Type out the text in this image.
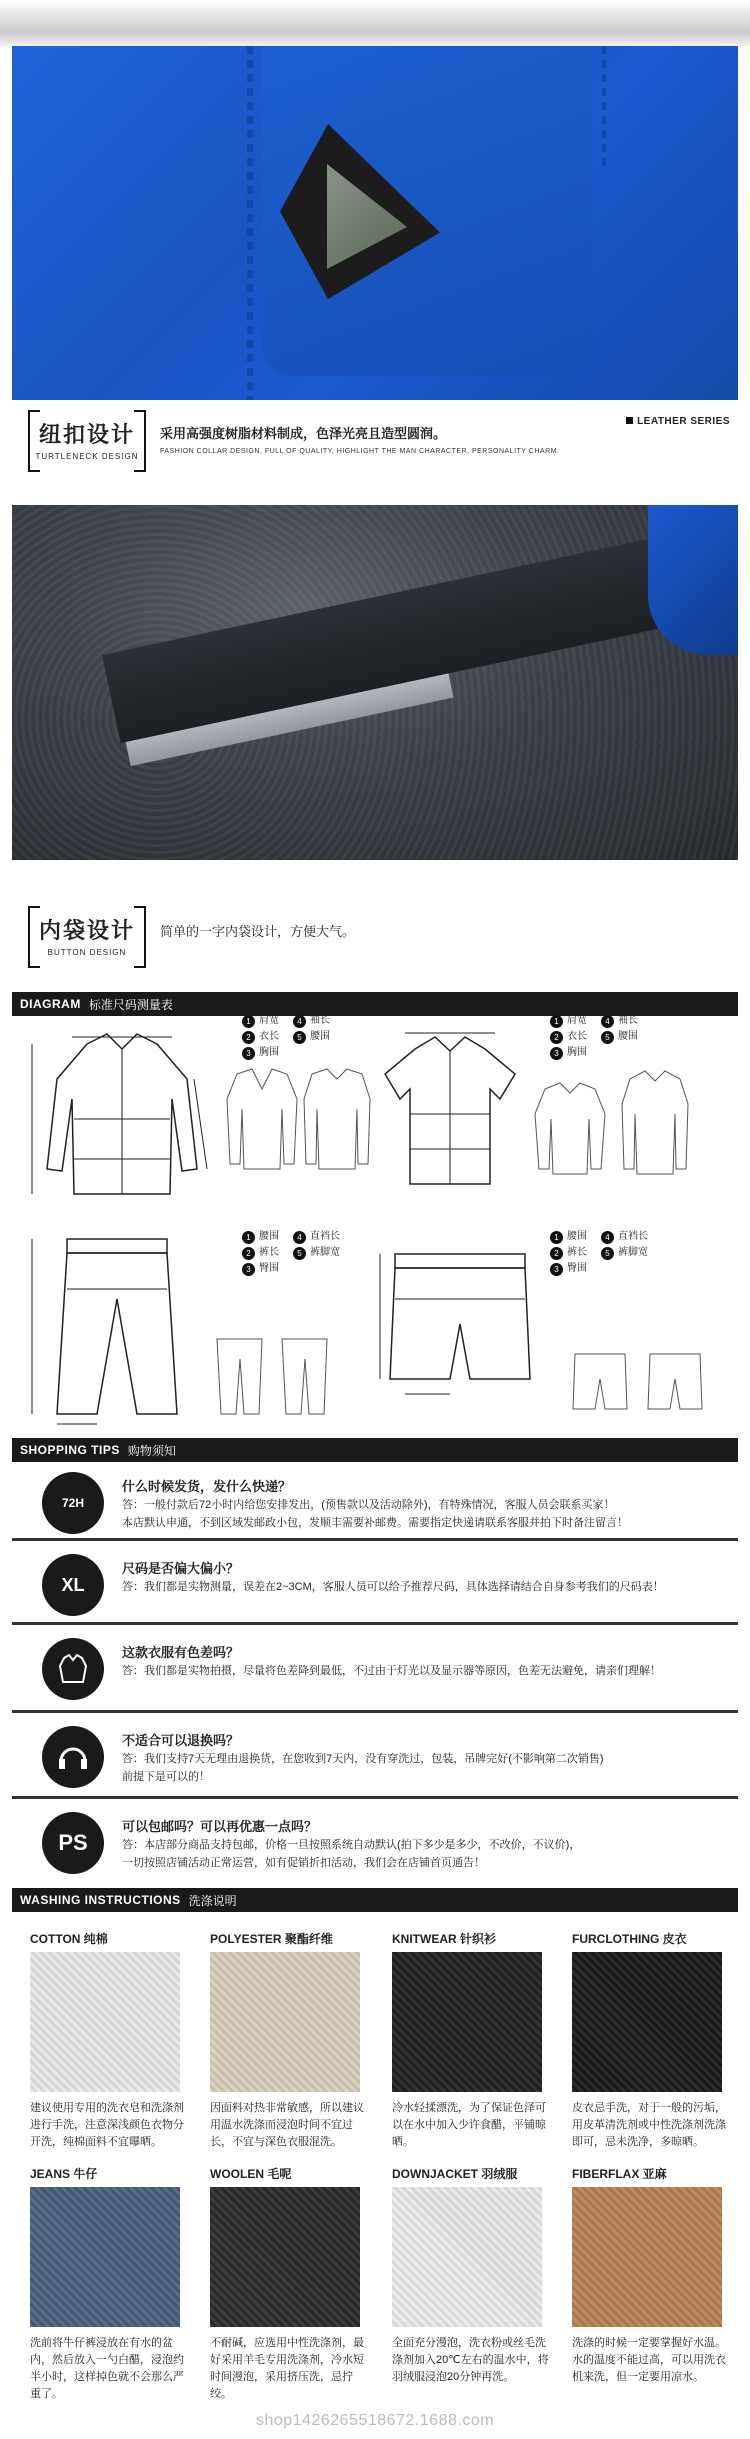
纽扣设计
TURTLENECK DESIGN
采用高强度树脂材料制成，色泽光亮且造型圆润。
FASHION COLLAR DESIGN, FULL OF QUALITY, HIGHLIGHT THE MAN CHARACTER, PERSONALITY CHARM.
LEATHER SERIES
内袋设计
BUTTON DESIGN
简单的一字内袋设计，方便大气。
DIAGRAM 标准尺码测量表
1 肩宽	4 袖长
2 衣长	5 腰围
3 胸围
1 肩宽	4 袖长
2 衣长	5 腰围
3 胸围
1 腰围	4 直裆长
2 裤长	5 裤脚宽
3 臀围
1 腰围	4 直裆长
2 裤长	5 裤脚宽
3 臀围
SHOPPING TIPS 购物须知
72H
什么时候发货，发什么快递？
答：一般付款后72小时内给您安排发出，(预售款以及活动除外)，有特殊情况，客服人员会联系买家！
本店默认申通，不到区域发邮政小包，发顺丰需要补邮费。需要指定快递请联系客服并拍下时备注留言！
XL
尺码是否偏大偏小？
答：我们都是实物测量，误差在2~3CM，客服人员可以给予推荐尺码，具体选择请结合自身参考我们的尺码表！
这款衣服有色差吗？
答：我们都是实物拍摄，尽量将色差降到最低，不过由于灯光以及显示器等原因，色差无法避免，请亲们理解！
不适合可以退换吗？
答：我们支持7天无理由退换货，在您收到7天内，没有穿洗过，包装，吊牌完好(不影响第二次销售)
前提下是可以的！
PS
可以包邮吗？可以再优惠一点吗？
答：本店部分商品支持包邮，价格一旦按照系统自动默认(拍下多少是多少，不改价，不议价)，
一切按照店铺活动正常运营，如有促销折扣活动，我们会在店铺首页通告！
WASHING INSTRUCTIONS 洗涤说明
COTTON 纯棉
建议使用专用的洗衣皂和洗涤剂进行手洗，注意深浅颜色衣物分开洗，纯棉面料不宜曝晒。
POLYESTER 聚酯纤维
因面料对热非常敏感，所以建议用温水洗涤而浸泡时间不宜过长，不宜与深色衣服混洗。
KNITWEAR 针织衫
冷水轻揉漂洗，为了保证色泽可以在水中加入少许食醋，平铺晾晒。
FURCLOTHING 皮衣
皮衣忌手洗，对于一般的污垢，用皮革清洗剂或中性洗涤剂洗涤即可，忌未洗净，多晾晒。
JEANS 牛仔
洗前将牛仔裤浸放在有水的盆内，然后放入一勺白醋，浸泡约半小时，这样掉色就不会那么严重了。
WOOLEN 毛呢
不耐碱，应选用中性洗涤剂，最好采用羊毛专用洗涤剂，冷水短时间漫泡，采用挤压洗，忌拧绞。
DOWNJACKET 羽绒服
全面充分漫泡，洗衣粉或丝毛洗涤剂加入20℃左右的温水中，将羽绒服浸泡20分钟再洗。
FIBERFLAX 亚麻
洗涤的时候一定要掌握好水温。水的温度不能过高，可以用洗衣机来洗，但一定要用凉水。
shop1426265518672.1688.com
